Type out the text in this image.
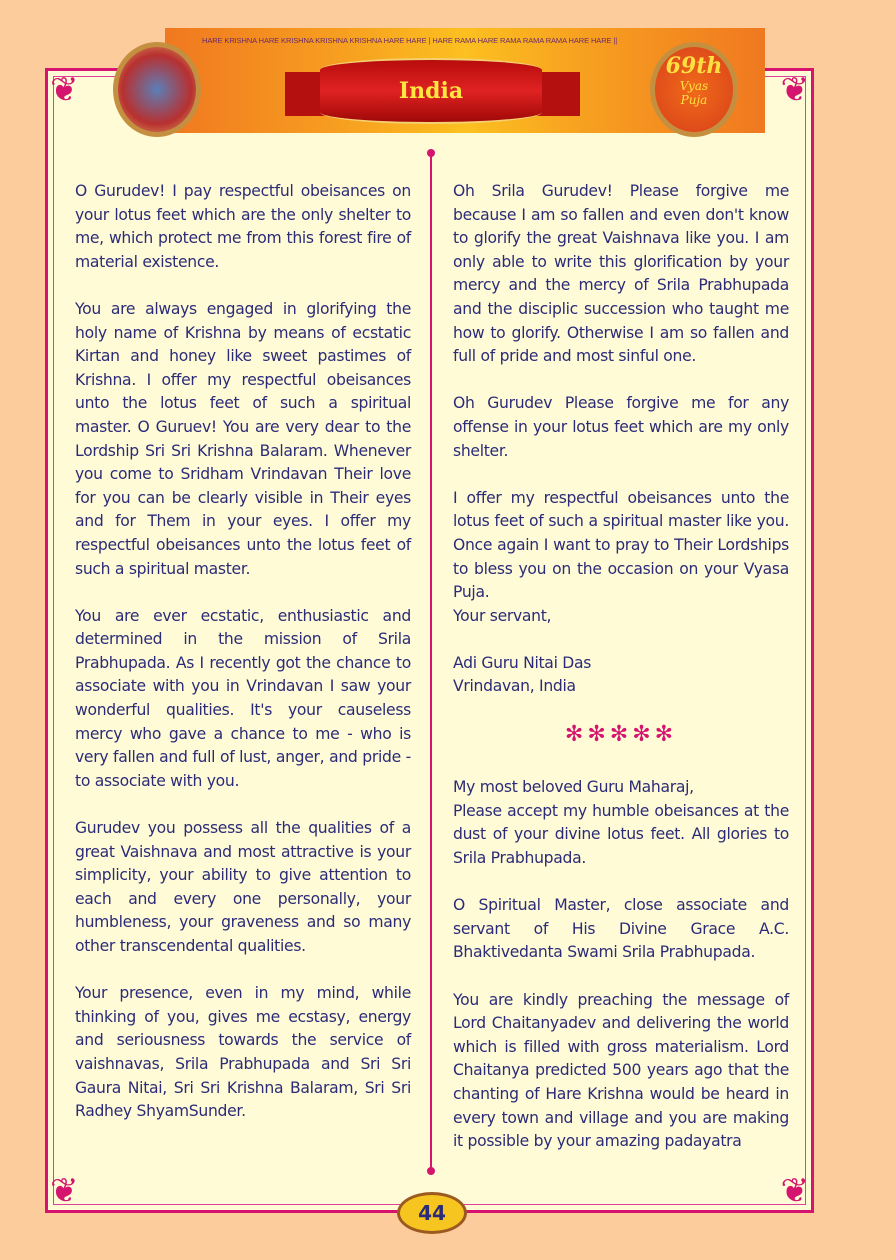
❦	❦
❦	❦
HARE KRISHNA HARE KRISHNA KRISHNA KRISHNA HARE HARE | HARE RAMA HARE RAMA RAMA RAMA HARE HARE ||
India
69th
Vyas
Puja

O Gurudev! I pay respectful obeisances on your lotus feet which are the only shelter to me, which protect me from this forest fire of material existence.

You are always engaged in glorifying the holy name of Krishna by means of ecstatic Kirtan and honey like sweet pastimes of Krishna. I offer my respectful obeisances unto the lotus feet of such a spiritual master. O Guruev! You are very dear to the Lordship Sri Sri Krishna Balaram. Whenever you come to Sridham Vrindavan Their love for you can be clearly visible in Their eyes and for Them in your eyes. I offer my respectful obeisances unto the lotus feet of such a spiritual master.

You are ever ecstatic, enthusiastic and determined in the mission of Srila Prabhupada. As I recently got the chance to associate with you in Vrindavan I saw your wonderful qualities. It's your causeless mercy who gave a chance to me - who is very fallen and full of lust, anger, and pride - to associate with you.

Gurudev you possess all the qualities of a great Vaishnava and most attractive is your simplicity, your ability to give attention to each and every one personally, your humbleness, your graveness and so many other transcendental qualities.

Your presence, even in my mind, while thinking of you, gives me ecstasy, energy and seriousness towards the service of vaishnavas, Srila Prabhupada and Sri Sri Gaura Nitai, Sri Sri Krishna Balaram, Sri Sri Radhey ShyamSunder.

Oh Srila Gurudev! Please forgive me because I am so fallen and even don't know to glorify the great Vaishnava like you. I am only able to write this glorification by your mercy and the mercy of Srila Prabhupada and the disciplic succession who taught me how to glorify. Otherwise I am so fallen and full of pride and most sinful one.

Oh Gurudev Please forgive me for any offense in your lotus feet which are my only shelter.

I offer my respectful obeisances unto the lotus feet of such a spiritual master like you. Once again I want to pray to Their Lordships to bless you on the occasion on your Vyasa Puja.

Your servant,

Adi Guru Nitai Das

Vrindavan, India

✻✻✻✻✻

My most beloved Guru Maharaj,

Please accept my humble obeisances at the dust of your divine lotus feet. All glories to Srila Prabhupada.

O Spiritual Master, close associate and servant of His Divine Grace A.C. Bhaktivedanta Swami Srila Prabhupada.

You are kindly preaching the message of Lord Chaitanyadev and delivering the world which is filled with gross materialism. Lord Chaitanya predicted 500 years ago that the chanting of Hare Krishna would be heard in every town and village and you are making it possible by your amazing padayatra

44
